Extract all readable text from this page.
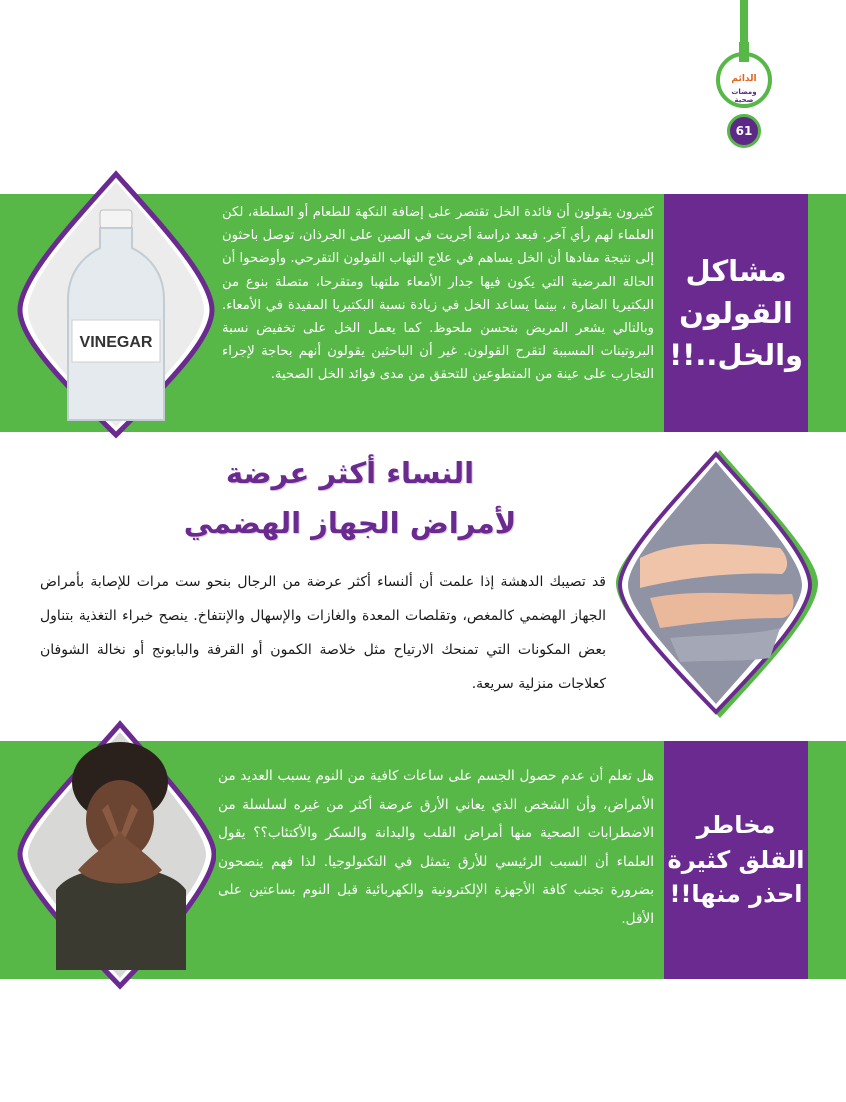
الدائم
ومضات صحية
61
مشاكل
القولون
والخل..!!
كثيرون يقولون أن فائدة الخل تقتصر على إضافة النكهة للطعام أو السلطة، لكن العلماء لهم رأي آخر. فبعد دراسة أجريت في الصين على الجرذان، توصل باحثون إلى نتيجة مفادها أن الخل يساهم في علاج التهاب القولون التقرحي. وأوضحوا أن الحالة المرضية التي يكون فيها جدار الأمعاء ملتهبا ومتقرحا، متصلة بنوع من البكتيريا الضارة ، بينما يساعد الخل في زيادة نسبة البكتيريا المفيدة في الأمعاء. وبالتالي يشعر المريض بتحسن ملحوظ. كما يعمل الخل على تخفيض نسبة البروتينات المسببة لتقرح القولون. غير أن الباحثين يقولون أنهم بحاجة لإجراء التجارب على عينة من المتطوعين للتحقق من مدى فوائد الخل الصحية.
VINEGAR
النساء أكثر عرضة
لأمراض الجهاز الهضمي
قد تصيبك الدهشة إذا علمت أن ألنساء أكثر عرضة من الرجال بنحو ست مرات للإصابة بأمراض الجهاز الهضمي كالمغص، وتقلصات المعدة والغازات والإسهال والإنتفاخ. ينصح خبراء التغذية بتناول بعض المكونات التي تمنحك الارتياح مثل خلاصة الكمون أو القرفة والبابونج أو نخالة الشوفان كعلاجات منزلية سريعة.
مخاطر
القلق كثيرة
احذر منها!!
هل تعلم أن عدم حصول الجسم على ساعات كافية من النوم يسبب العديد من الأمراض، وأن الشخص الذي يعاني الأرق عرضة أكثر من غيره لسلسلة من الاضطرابات الصحية منها أمراض القلب والبدانة والسكر والأكتئاب؟؟ يقول العلماء أن السبب الرئيسي للأرق يتمثل في التكنولوجيا. لذا فهم ينصحون بضرورة تجنب كافة الأجهزة الإلكترونية والكهربائية قبل النوم بساعتين على الأقل.
